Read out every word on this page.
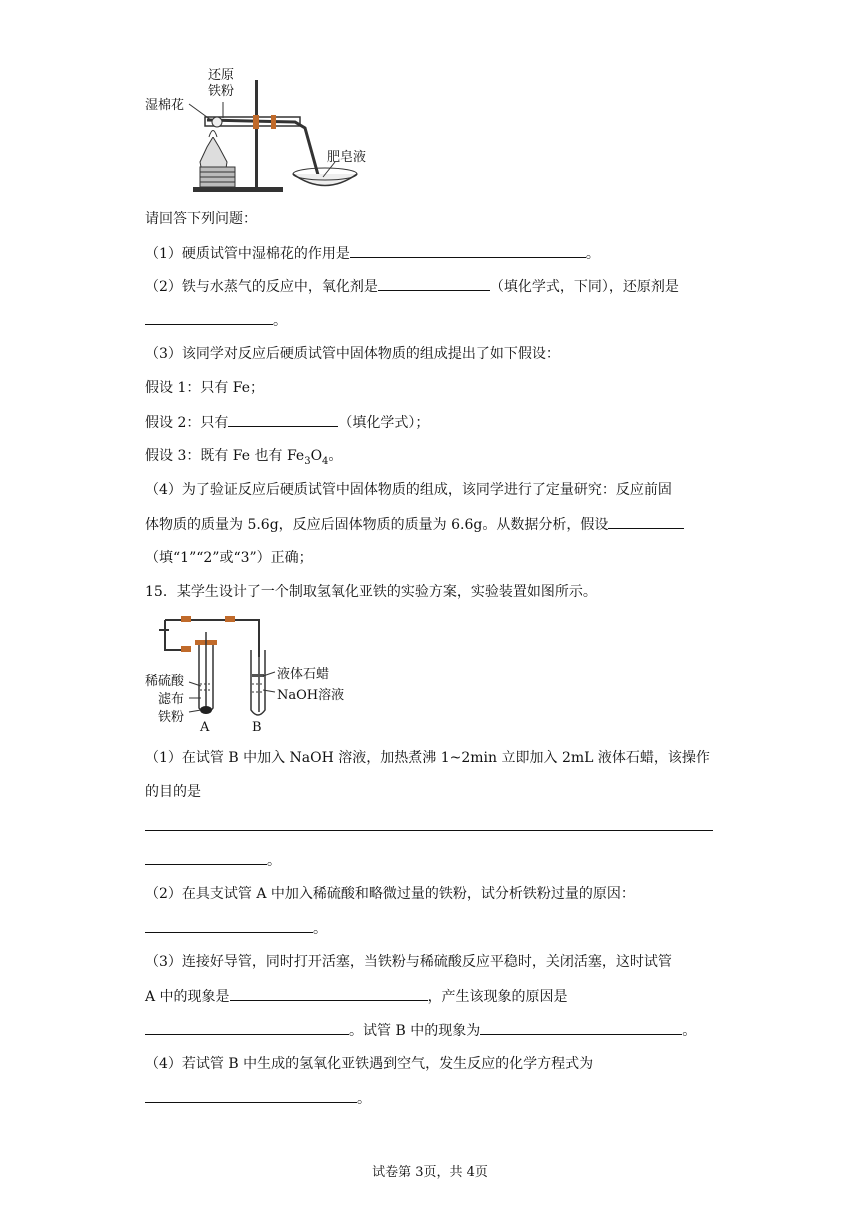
湿棉花
还原
铁粉
肥皂液
请回答下列问题：
（1）硬质试管中湿棉花的作用是	。
（2）铁与水蒸气的反应中，氧化剂是	（填化学式，下同），还原剂是
。
（3）该同学对反应后硬质试管中固体物质的组成提出了如下假设：
假设 1：只有 Fe；
假设 2：只有	（填化学式）；
假设 3：既有 Fe 也有 $Fe_3O_4$。
（4）为了验证反应后硬质试管中固体物质的组成，该同学进行了定量研究：反应前固
体物质的质量为 5.6g，反应后固体物质的质量为 6.6g。从数据分析，假设
（填“1”“2”或“3”）正确；
15．某学生设计了一个制取氢氧化亚铁的实验方案，实验装置如图所示。
稀硫酸
滤布
铁粉
A
液体石蜡
NaOH溶液
B
（1）在试管 B 中加入 NaOH 溶液，加热煮沸 1~2min 立即加入 2mL 液体石蜡，该操作
的目的是
。
（2）在具支试管 A 中加入稀硫酸和略微过量的铁粉，试分析铁粉过量的原因：
。
（3）连接好导管，同时打开活塞，当铁粉与稀硫酸反应平稳时，关闭活塞，这时试管
A 中的现象是	，产生该现象的原因是
。试管 B 中的现象为	。
（4）若试管 B 中生成的氢氧化亚铁遇到空气，发生反应的化学方程式为
。
试卷第 3页，共 4页
